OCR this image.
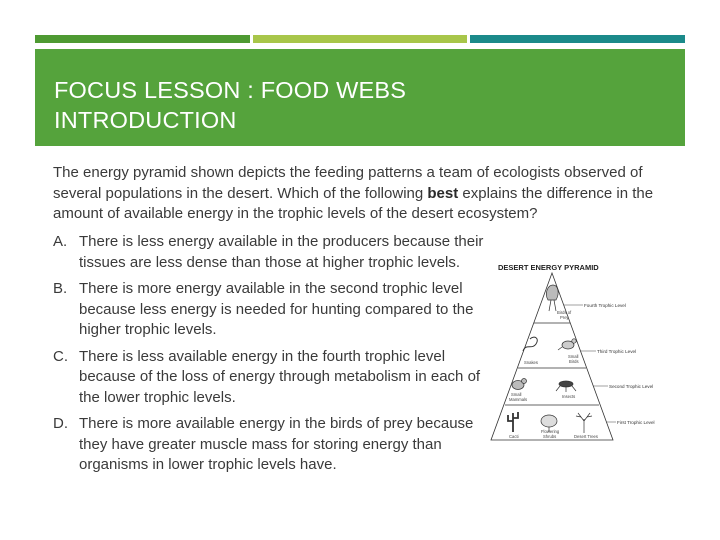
FOCUS LESSON : FOOD WEBS
INTRODUCTION
The energy pyramid shown depicts the feeding patterns a team of ecologists observed of several populations in the desert. Which of the following best explains the difference in the amount of available energy in the trophic levels of the desert ecosystem?
A. There is less energy available in the producers because their tissues are less dense than those at higher trophic levels.
B. There is more energy available in the second trophic level because less energy is needed for hunting compared to the higher trophic levels.
C. There is less available energy in the fourth trophic level because of the loss of energy through metabolism in each of the lower trophic levels.
D. There is more available energy in the birds of prey because they have greater muscle mass for storing energy than organisms in lower trophic levels have.
DESERT ENERGY PYRAMID
Fourth Trophic Level
Third Trophic Level
Second Trophic Level
First Trophic Level
Birds of
Prey
Snakes
Small
Birds
Small
Mammals
Insects
Cacti
Flowering
Shrubs	Desert Trees
